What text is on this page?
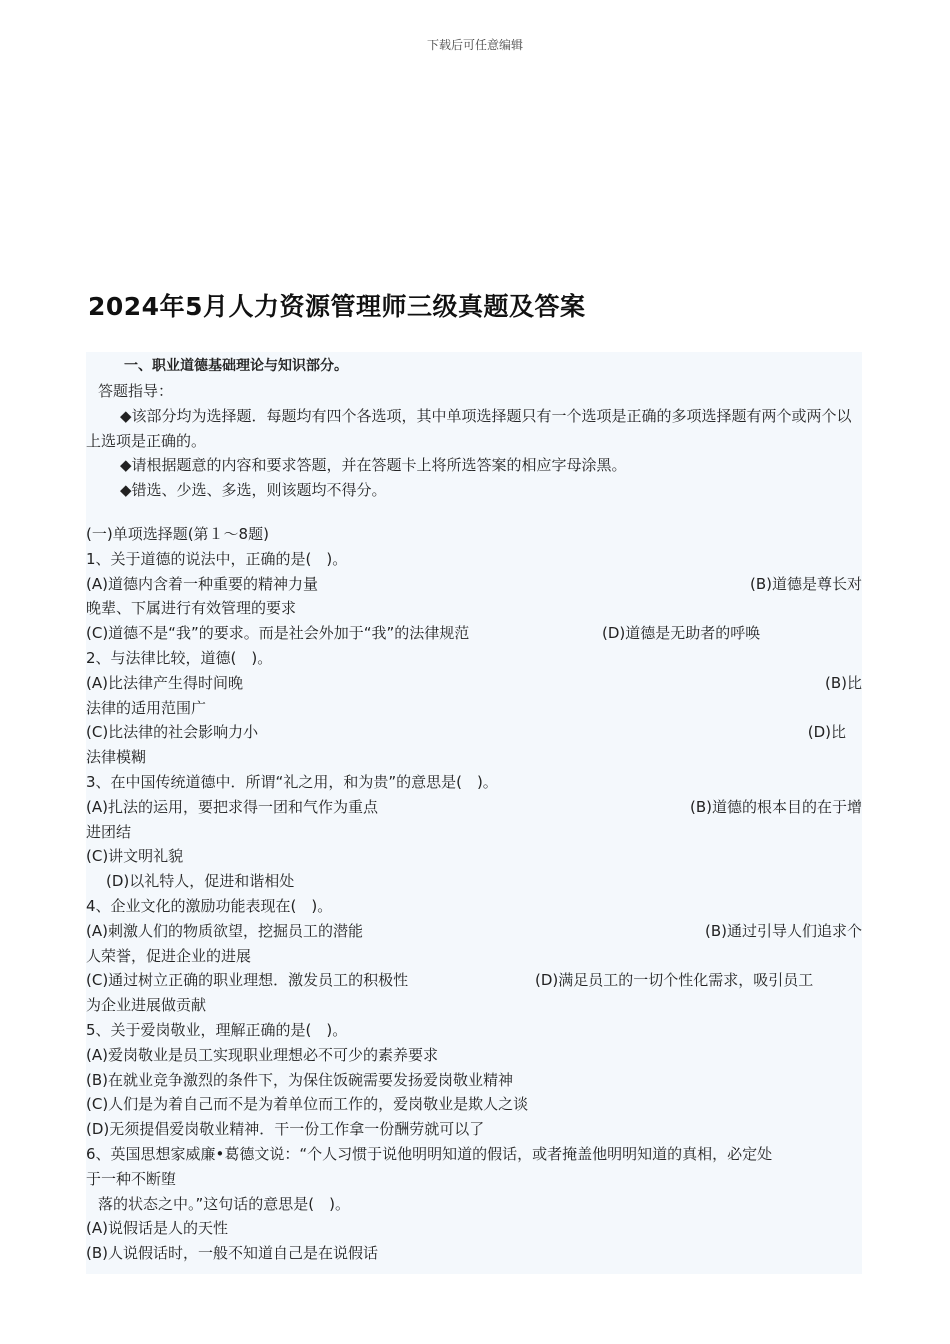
下载后可任意编辑
2024年5月人力资源管理师三级真题及答案
一、职业道德基础理论与知识部分。
答题指导：
◆该部分均为选择题．每题均有四个各选项，其中单项选择题只有一个选项是正确的多项选择题有两个或两个以上选项是正确的。
◆请根据题意的内容和要求答题，并在答题卡上将所选答案的相应字母涂黑。
◆错选、少选、多选，则该题均不得分。
(一)单项选择题(第１～8题)
1、关于道德的说法中，正确的是(　)。
(A)道德内含着一种重要的精神力量	(B)道德是尊长对
晚辈、下属进行有效管理的要求
(C)道德不是“我”的要求。而是社会外加于“我”的法律规范	(D)道德是无助者的呼唤
2、与法律比较，道德(　)。
(A)比法律产生得时间晚	(B)比
法律的适用范围广
(C)比法律的社会影响力小	(D)比
法律模糊
3、在中国传统道德中．所谓“礼之用，和为贵”的意思是(　)。
(A)扎法的运用，要把求得一团和气作为重点	(B)道德的根本目的在于增
进团结
(C)讲文明礼貌
(D)以礼特人，促进和谐相处
4、企业文化的激励功能表现在(　)。
(A)刺激人们的物质欲望，挖掘员工的潜能	(B)通过引导人们追求个
人荣誉，促进企业的进展
(C)通过树立正确的职业理想．激发员工的积极性	(D)满足员工的一切个性化需求，吸引员工
为企业进展做贡献
5、关于爱岗敬业，理解正确的是(　)。
(A)爱岗敬业是员工实现职业理想必不可少的素养要求
(B)在就业竞争激烈的条件下，为保住饭碗需要发扬爱岗敬业精神
(C)人们是为着自己而不是为着单位而工作的，爱岗敬业是欺人之谈
(D)无须提倡爱岗敬业精神．干一份工作拿一份酬劳就可以了
6、英国思想家威廉•葛德文说：“个人习惯于说他明明知道的假话，或者掩盖他明明知道的真相，必定处
于一种不断堕
落的状态之中。”这句话的意思是(　)。
(A)说假话是人的天性
(B)人说假话时，一般不知道自己是在说假话
